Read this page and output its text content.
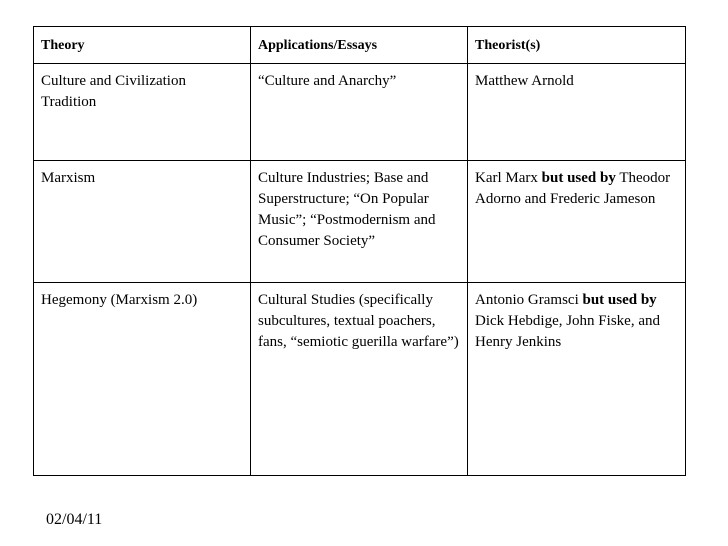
Theory	Applications/Essays	Theorist(s)
Culture and Civilization Tradition	“Culture and Anarchy”	Matthew Arnold
Marxism	Culture Industries; Base and Superstructure; “On Popular Music”; “Postmodernism and Consumer Society”	Karl Marx but used by Theodor Adorno and Frederic Jameson
Hegemony (Marxism 2.0)	Cultural Studies (specifically subcultures, textual poachers, fans, “semiotic guerilla warfare”)	Antonio Gramsci but used by Dick Hebdige, John Fiske, and Henry Jenkins
02/04/11
